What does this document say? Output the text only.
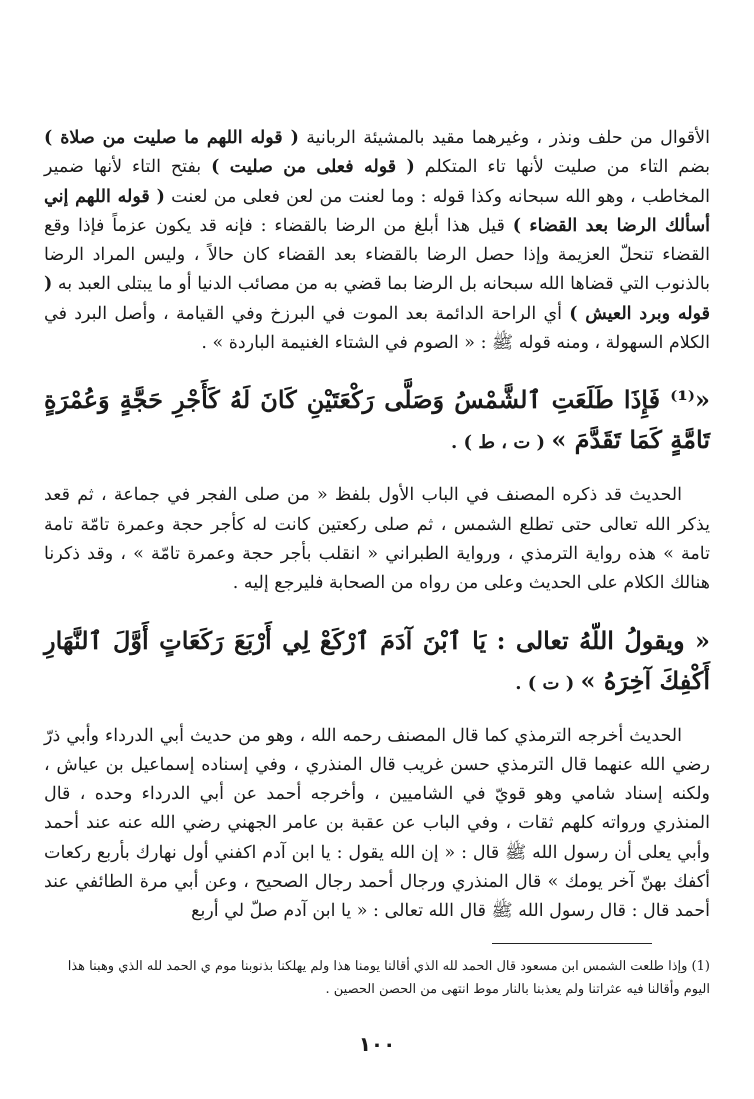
الأقوال من حلف ونذر ، وغيرهما مقيد بالمشيئة الربانية ( قوله اللهم ما صليت من صلاة ) بضم التاء من صليت لأنها تاء المتكلم ( قوله فعلى من صليت ) بفتح التاء لأنها ضمير المخاطب ، وهو الله سبحانه وكذا قوله : وما لعنت من لعن فعلى من لعنت ( قوله اللهم إني أسألك الرضا بعد القضاء ) قيل هذا أبلغ من الرضا بالقضاء : فإنه قد يكون عزماً فإذا وقع القضاء تنحلّ العزيمة وإذا حصل الرضا بالقضاء بعد القضاء كان حالاً ، وليس المراد الرضا بالذنوب التي قضاها الله سبحانه بل الرضا بما قضي به من مصائب الدنيا أو ما يبتلى العبد به ( قوله وبرد العيش ) أي الراحة الدائمة بعد الموت في البرزخ وفي القيامة ، وأصل البرد في الكلام السهولة ، ومنه قوله ﷺ : « الصوم في الشتاء الغنيمة الباردة » .

«⁽¹⁾ فَإِذَا طَلَعَتِ ٱلشَّمْسُ وَصَلَّى رَكْعَتَيْنِ كَانَ لَهُ كَأَجْرِ حَجَّةٍ وَعُمْرَةٍ تَامَّةٍ كَمَا تَقَدَّمَ » ( ت ، ط ) .

الحديث قد ذكره المصنف في الباب الأول بلفظ « من صلى الفجر في جماعة ، ثم قعد يذكر الله تعالى حتى تطلع الشمس ، ثم صلى ركعتين كانت له كأجر حجة وعمرة تامّة تامة تامة » هذه رواية الترمذي ، ورواية الطبراني « انقلب بأجر حجة وعمرة تامّة » ، وقد ذكرنا هنالك الكلام على الحديث وعلى من رواه من الصحابة فليرجع إليه .

« ويقولُ اللّهُ تعالى : يَا ٱبْنَ آدَمَ ٱرْكَعْ لِي أَرْبَعَ رَكَعَاتٍ أَوَّلَ ٱلنَّهَارِ أَكْفِكَ آخِرَهُ » ( ت ) .

الحديث أخرجه الترمذي كما قال المصنف رحمه الله ، وهو من حديث أبي الدرداء وأبي ذرّ رضي الله عنهما قال الترمذي حسن غريب قال المنذري ، وفي إسناده إسماعيل بن عياش ، ولكنه إسناد شامي وهو قويّ في الشاميين ، وأخرجه أحمد عن أبي الدرداء وحده ، قال المنذري ورواته كلهم ثقات ، وفي الباب عن عقبة بن عامر الجهني رضي الله عنه عند أحمد وأبي يعلى أن رسول الله ﷺ قال : « إن الله يقول : يا ابن آدم اكفني أول نهارك بأربع ركعات أكفك بهنّ آخر يومك » قال المنذري ورجال أحمد رجال الصحيح ، وعن أبي مرة الطائفي عند أحمد قال : قال رسول الله ﷺ قال الله تعالى : « يا ابن آدم صلّ لي أربع

(1) وإذا طلعت الشمس ابن مسعود قال الحمد لله الذي أقالنا يومنا هذا ولم يهلكنا بذنوبنا موم ي الحمد لله الذي وهبنا هذا اليوم وأقالنا فيه عثراتنا ولم يعذبنا بالنار موط انتهى من الحصن الحصين .

١٠٠
